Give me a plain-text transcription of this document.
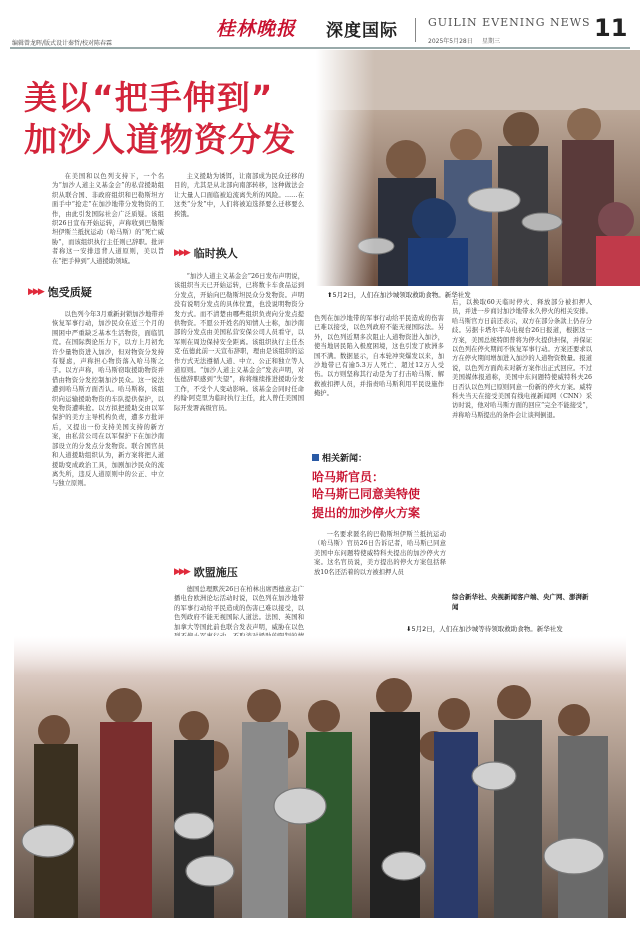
编辑曾龙晖/版式设计秦哲/校对陈春霖
桂林晚报 深度国际	GUILIN EVENING NEWS
2025年5月28日 星期三	11
美以“把手伸到”
加沙人道物资分发
⬆5月2日，人们在加沙城领取救助食物。新华社发

在美国和以色列支持下，一个名为“加沙人道主义基金会”的私营援助组织从联合国、非政府组织和巴勒斯坦方面手中“抢走”在加沙地带分发物资的工作，由此引发国际社会广泛质疑。该组织26日宣布开始运转，声称收到巴勒斯坦伊斯兰抵抗运动（哈马斯）的“死亡威胁”，而该组织执行主任则已辞职。批评者称这一安排违背人道原则，美以旨在“把手伸到”人道援助领域。

▶▶▶ 饱受质疑

以色列今年3月重新封锁加沙地带并恢复军事行动，加沙民众在近三个月的围困中严重缺乏基本生活物资，面临饥荒。在国际舆论压力下，以方上月初允许少量物资进入加沙，但对物资分发持有疑虑，声称担心物资落入哈马斯之手。以方声称，哈马斯窃取援助物资并借由物资分发控制加沙民众。这一说法遭到哈马斯方面否认。哈马斯称，该组织向运输援助物资的车队提供保护，以免物资遭哄抢。以方拟把援助交由以军保护的美方主导机构负责，遭多方批评后，又提出一份支持美国支持的新方案，由私营公司在以军保护下在加沙南部设立的分发点分发物资。联合国官员和人道援助组织认为，新方案将把人道援助变成政治工具，加剧加沙民众的流离失所，违反人道原则中的公正、中立与独立原则。

主义援助为诱饵，让南部成为民众迁移的目的，尤其是从北部向南部转移，这种做法会让大量人口面临被迫流离失所的风险。……在这类“分发”中，人们将被迫选择要么迁移要么挨饿。

▶▶▶ 临时换人

“加沙人道主义基金会”26日发布声明说，该组织当天已开始运转，已将数卡车食品运到分发点，开始向巴勒斯坦民众分发物资。声明没有说明分发点的具体位置，也没说明物资分发方式。而不清楚由哪些组织负责向分发点提供物资。不愿公开姓名的知情人士称，加沙南部的分发点由美国私营安保公司人员看守，以军则在周边保持安全距离。该组织执行主任杰克·伍德此前一天宣布辞职，理由是该组织的运作方式无法遵循人道、中立、公正和独立等人道原则。“加沙人道主义基金会”发表声明，对伍德辞职感到“失望”，称将继续推进援助分发工作，不受个人变动影响。该基金会同时任命约翰·阿克里为临时执行主任，此人曾任美国国际开发署高级官员。

▶▶▶ 欧盟施压

德国总理默茨26日在柏林出席西德意志广播电台欧洲论坛活动时说，以色列在加沙地带的军事行动给平民造成的伤害已难以接受，以色列政府不能无视国际人道法。法国、英国和加拿大等国此前也联合发表声明，威胁在以色

色列在加沙地带的军事行动给平民造成的伤害已难以接受，以色列政府不能无视国际法。另外，以色列近期多次阻止人道物资进入加沙，使当地居民陷入极度困境，这也引发了欧洲多国不满。数据显示，自本轮冲突爆发以来，加沙地带已有逾5.3万人死亡、超过12万人受伤。以方则坚称其行动是为了打击哈马斯、解救被扣押人员，并指责哈马斯利用平民设施作掩护。

相关新闻：
哈马斯官员：
哈马斯已同意美特使
提出的加沙停火方案

一名要求匿名的巴勒斯坦伊斯兰抵抗运动（哈马斯）官员26日告诉记者，哈马斯已同意美国中东问题特使威特科夫提出的加沙停火方案。这名官员说，美方提出的停火方案包括释放10名还活着的以方被扣押人员

后，以换取60天临时停火、释放部分被扣押人员，并进一步商讨加沙地带永久停火的相关安排。哈马斯官方日前还表示，双方在部分条款上仍存分歧。另据卡塔尔半岛电视台26日报道，根据这一方案，美国总统特朗普将为停火提供担保，并保证以色列在停火期间不恢复军事行动。方案还要求以方在停火期间增加进入加沙的人道物资数量。报道说，以色列方面尚未对新方案作出正式回应。不过美国媒体报道称，美国中东问题特使威特科夫26日否认以色列已原则同意一份新的停火方案。威特科夫当天在接受美国有线电视新闻网（CNN）采访时说，他对哈马斯方面的回应“完全不能接受”，并称哈马斯提出的条件会让谈判倒退。

综合新华社、央视新闻客户端、央广网、澎湃新闻
⬇5月2日，人们在加沙城等待领取救助食物。新华社发
